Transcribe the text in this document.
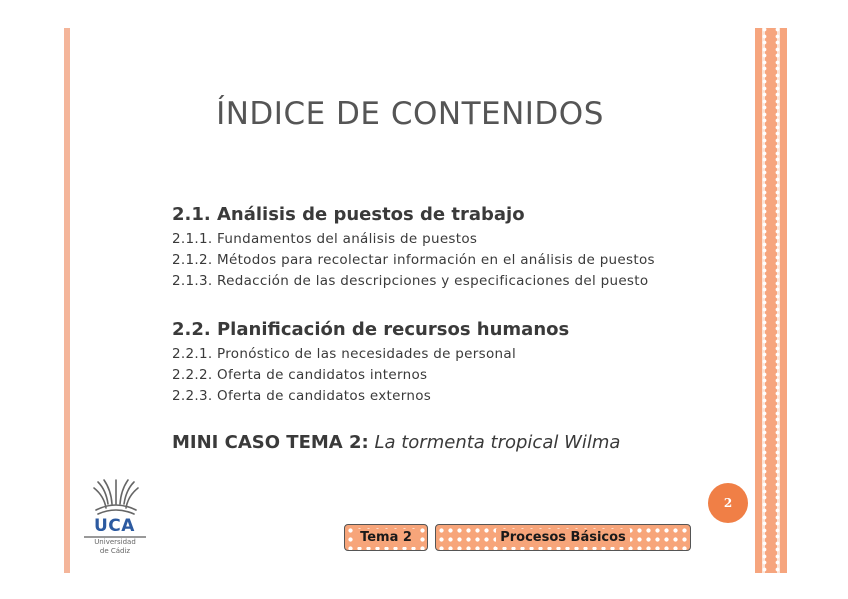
ÍNDICE DE CONTENIDOS
2.1. Análisis de puestos de trabajo
2.1.1. Fundamentos del análisis de puestos
2.1.2. Métodos para recolectar información en el análisis de puestos
2.1.3. Redacción de las descripciones y especificaciones del puesto
2.2. Planificación de recursos humanos
2.2.1. Pronóstico de las necesidades de personal
2.2.2. Oferta de candidatos internos
2.2.3. Oferta de candidatos externos
MINI CASO TEMA 2: La tormenta tropical Wilma
2
UCA
Universidad
de Cádiz
Tema 2	Procesos Básicos
